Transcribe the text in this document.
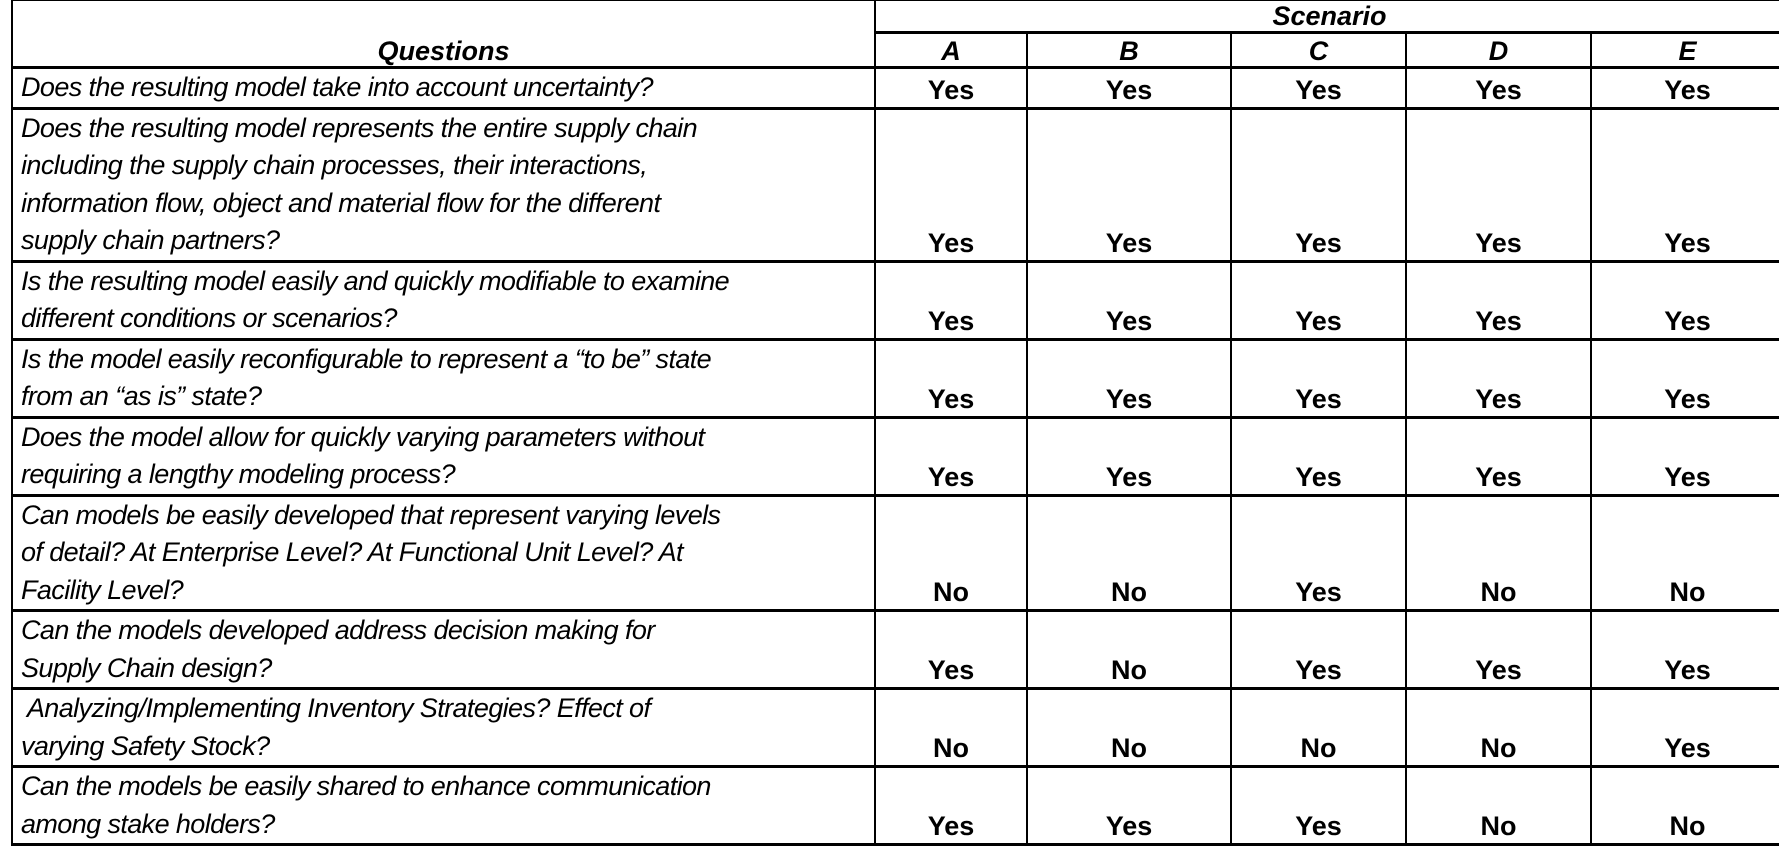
Questions	Scenario				
	A	B	C	D	E

Does the resulting model take into account uncertainty?	Yes	Yes	Yes	Yes	Yes

Does the resulting model represents the entire supply chain
including the supply chain processes, their interactions,
information flow, object and material flow for the different
supply chain partners?	Yes	Yes	Yes	Yes	Yes

Is the resulting model easily and quickly modifiable to examine
different conditions or scenarios?	Yes	Yes	Yes	Yes	Yes

Is the model easily reconfigurable to represent a “to be” state
from an “as is” state?	Yes	Yes	Yes	Yes	Yes

Does the model allow for quickly varying parameters without
requiring a lengthy modeling process?	Yes	Yes	Yes	Yes	Yes

Can models be easily developed that represent varying levels
of detail? At Enterprise Level? At Functional Unit Level? At
Facility Level?	No	No	Yes	No	No

Can the models developed address decision making for
Supply Chain design?	Yes	No	Yes	Yes	Yes

Analyzing/Implementing Inventory Strategies? Effect of
varying Safety Stock?	No	No	No	No	Yes

Can the models be easily shared to enhance communication
among stake holders?	Yes	Yes	Yes	No	No
